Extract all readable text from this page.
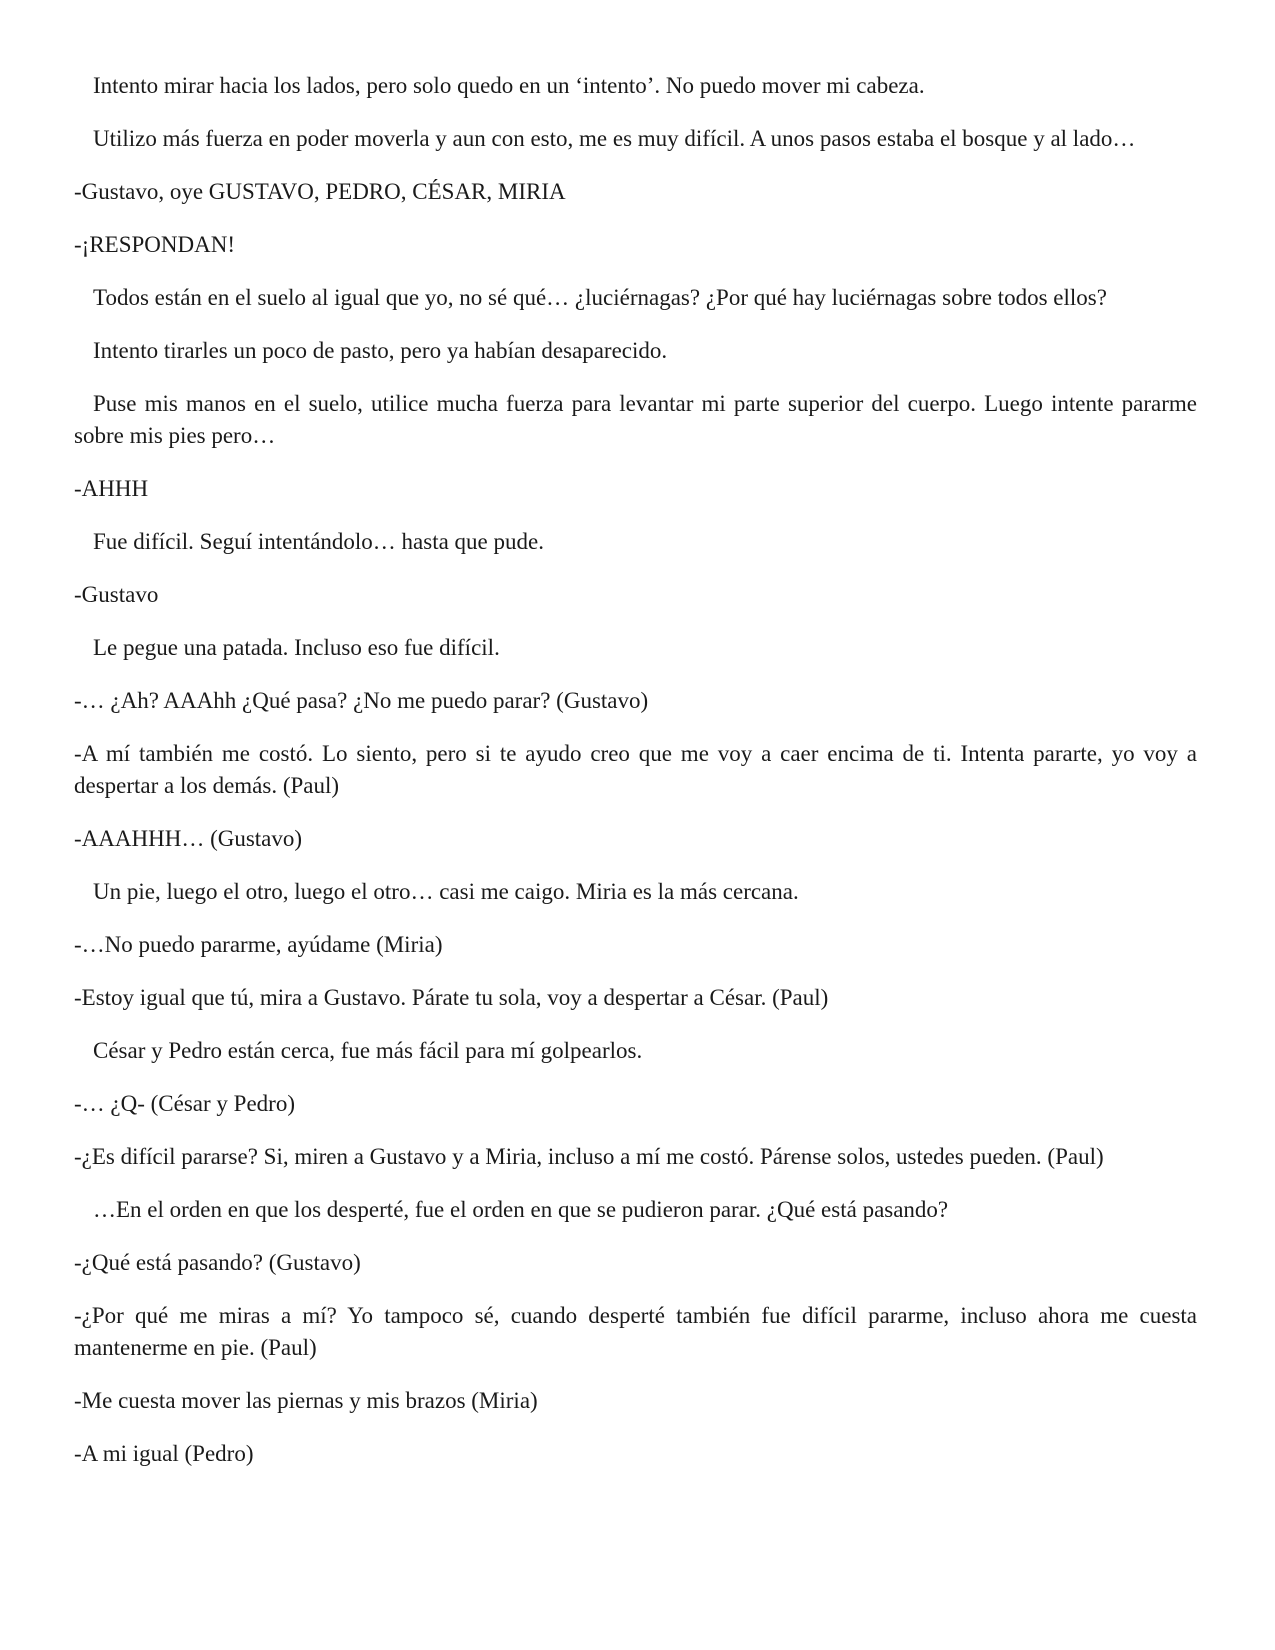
Intento mirar hacia los lados, pero solo quedo en un ‘intento’. No puedo mover mi cabeza.

Utilizo más fuerza en poder moverla y aun con esto, me es muy difícil. A unos pasos estaba el bosque y al lado…

-Gustavo, oye GUSTAVO, PEDRO, CÉSAR, MIRIA

-¡RESPONDAN!

Todos están en el suelo al igual que yo, no sé qué… ¿luciérnagas? ¿Por qué hay luciérnagas sobre todos ellos?

Intento tirarles un poco de pasto, pero ya habían desaparecido.

Puse mis manos en el suelo, utilice mucha fuerza para levantar mi parte superior del cuerpo. Luego intente pararme sobre mis pies pero…

-AHHH

Fue difícil. Seguí intentándolo… hasta que pude.

-Gustavo

Le pegue una patada. Incluso eso fue difícil.

-… ¿Ah? AAAhh ¿Qué pasa? ¿No me puedo parar? (Gustavo)

-A mí también me costó. Lo siento, pero si te ayudo creo que me voy a caer encima de ti. Intenta pararte, yo voy a despertar a los demás. (Paul)

-AAAHHH… (Gustavo)

Un pie, luego el otro, luego el otro… casi me caigo. Miria es la más cercana.

-…No puedo pararme, ayúdame (Miria)

-Estoy igual que tú, mira a Gustavo. Párate tu sola, voy a despertar a César. (Paul)

César y Pedro están cerca, fue más fácil para mí golpearlos.

-… ¿Q- (César y Pedro)

-¿Es difícil pararse? Si, miren a Gustavo y a Miria, incluso a mí me costó. Párense solos, ustedes pueden. (Paul)

…En el orden en que los desperté, fue el orden en que se pudieron parar. ¿Qué está pasando?

-¿Qué está pasando? (Gustavo)

-¿Por qué me miras a mí? Yo tampoco sé, cuando desperté también fue difícil pararme, incluso ahora me cuesta mantenerme en pie. (Paul)

-Me cuesta mover las piernas y mis brazos (Miria)

-A mi igual (Pedro)
